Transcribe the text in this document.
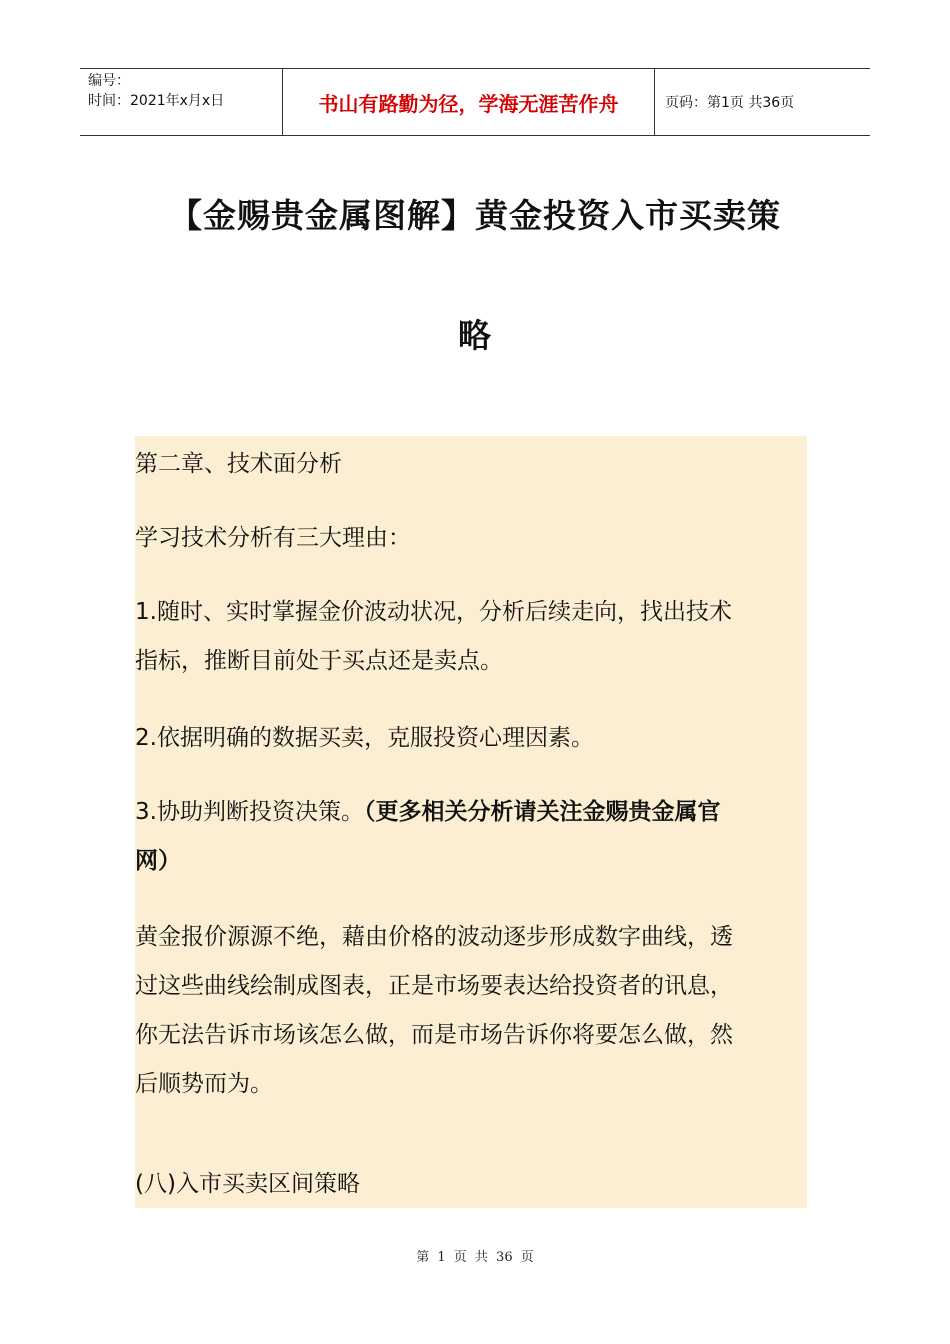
编号：
时间：2021年x月x日	书山有路勤为径，学海无涯苦作舟	页码：第1页 共36页
【金赐贵金属图解】黄金投资入市买卖策
略

第二章、技术面分析

学习技术分析有三大理由：

1.随时、实时掌握金价波动状况，分析后续走向，找出技术

指标，推断目前处于买点还是卖点。

2.依据明确的数据买卖，克服投资心理因素。

3.协助判断投资决策。（更多相关分析请关注金赐贵金属官

网）

黄金报价源源不绝，藉由价格的波动逐步形成数字曲线，透

过这些曲线绘制成图表，正是市场要表达给投资者的讯息，

你无法告诉市场该怎么做，而是市场告诉你将要怎么做，然

后顺势而为。

(八)入市买卖区间策略

第 1 页 共 36 页
